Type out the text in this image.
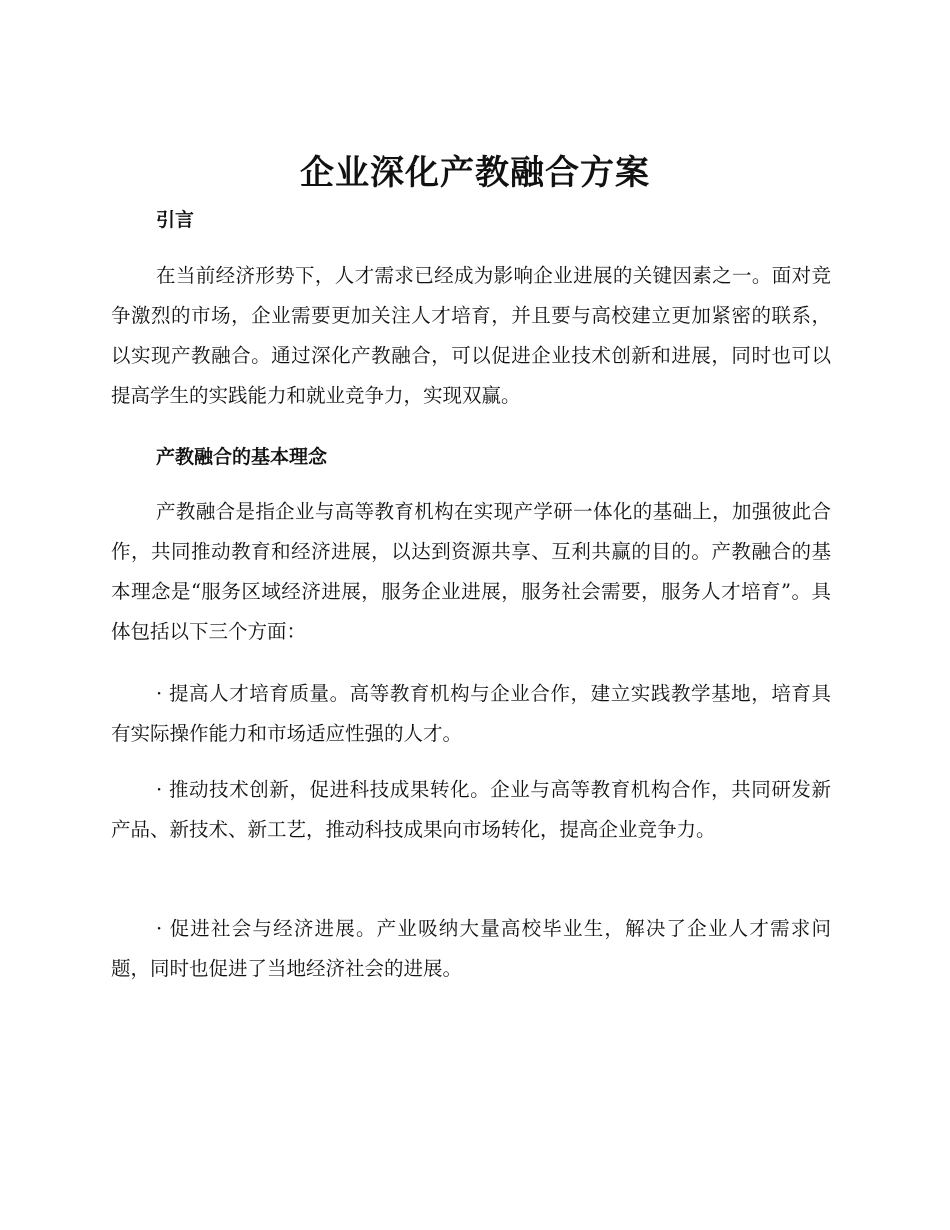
企业深化产教融合方案
引言

在当前经济形势下，人才需求已经成为影响企业进展的关键因素之一。面对竞争激烈的市场，企业需要更加关注人才培育，并且要与高校建立更加紧密的联系，以实现产教融合。通过深化产教融合，可以促进企业技术创新和进展，同时也可以提高学生的实践能力和就业竞争力，实现双赢。

产教融合的基本理念

产教融合是指企业与高等教育机构在实现产学研一体化的基础上，加强彼此合作，共同推动教育和经济进展，以达到资源共享、互利共赢的目的。产教融合的基本理念是“服务区域经济进展，服务企业进展，服务社会需要，服务人才培育”。具体包括以下三个方面：

· 提高人才培育质量。高等教育机构与企业合作，建立实践教学基地，培育具有实际操作能力和市场适应性强的人才。

· 推动技术创新，促进科技成果转化。企业与高等教育机构合作，共同研发新产品、新技术、新工艺，推动科技成果向市场转化，提高企业竞争力。

· 促进社会与经济进展。产业吸纳大量高校毕业生，解决了企业人才需求问题，同时也促进了当地经济社会的进展。
